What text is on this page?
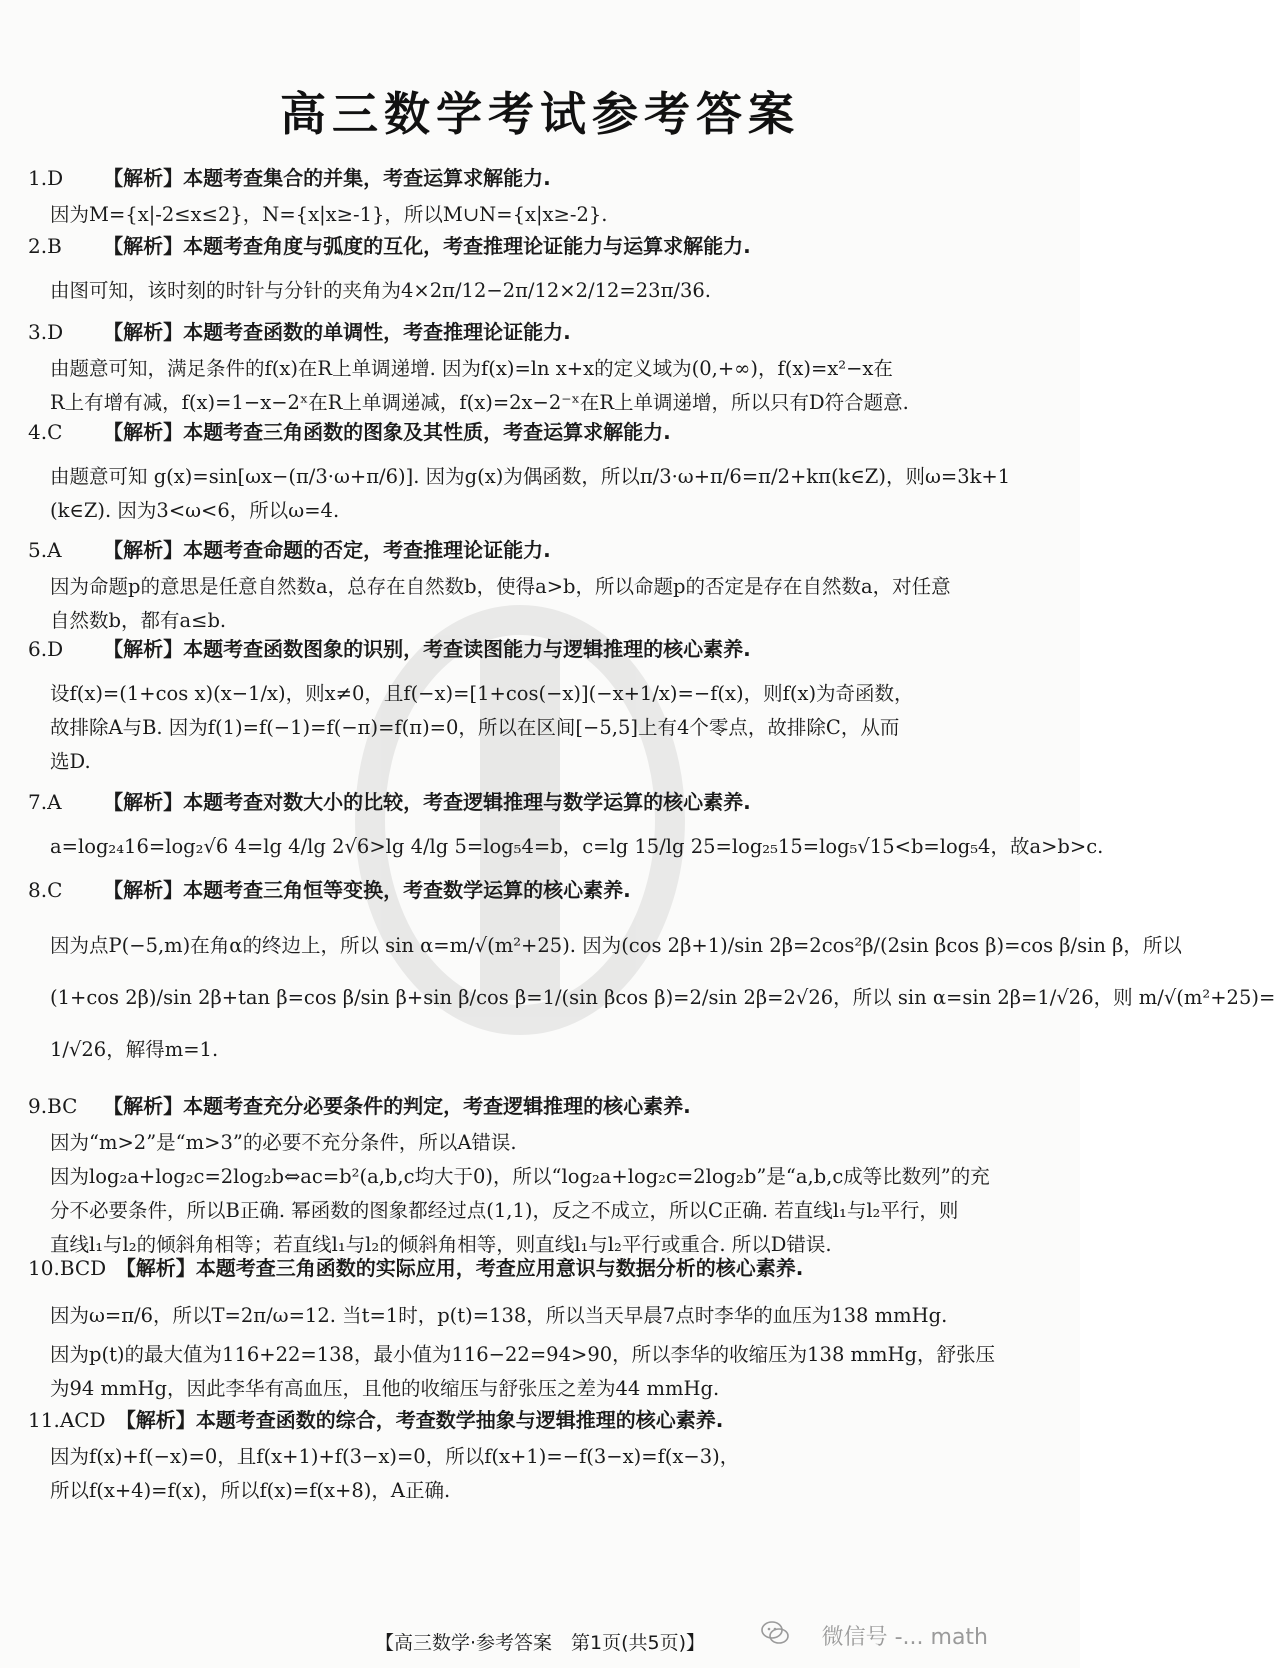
高三数学考试参考答案
1.D 【解析】本题考查集合的并集，考查运算求解能力.
因为M={x|-2≤x≤2}，N={x|x≥-1}，所以M∪N={x|x≥-2}.
2.B 【解析】本题考查角度与弧度的互化，考查推理论证能力与运算求解能力.
由图可知，该时刻的时针与分针的夹角为4×2π/12−2π/12×2/12=23π/36.
3.D 【解析】本题考查函数的单调性，考查推理论证能力.
由题意可知，满足条件的f(x)在R上单调递增. 因为f(x)=ln x+x的定义域为(0,+∞)，f(x)=x²−x在
R上有增有减，f(x)=1−x−2ˣ在R上单调递减，f(x)=2x−2⁻ˣ在R上单调递增，所以只有D符合题意.
4.C 【解析】本题考查三角函数的图象及其性质，考查运算求解能力.
由题意可知 g(x)=sin[ωx−(π/3·ω+π/6)]. 因为g(x)为偶函数，所以π/3·ω+π/6=π/2+kπ(k∈Z)，则ω=3k+1
(k∈Z). 因为3<ω<6，所以ω=4.
5.A 【解析】本题考查命题的否定，考查推理论证能力.
因为命题p的意思是任意自然数a，总存在自然数b，使得a>b，所以命题p的否定是存在自然数a，对任意
自然数b，都有a≤b.
6.D 【解析】本题考查函数图象的识别，考查读图能力与逻辑推理的核心素养.
设f(x)=(1+cos x)(x−1/x)，则x≠0，且f(−x)=[1+cos(−x)](−x+1/x)=−f(x)，则f(x)为奇函数，
故排除A与B. 因为f(1)=f(−1)=f(−π)=f(π)=0，所以在区间[−5,5]上有4个零点，故排除C，从而
选D.
7.A 【解析】本题考查对数大小的比较，考查逻辑推理与数学运算的核心素养.
a=log₂₄16=log₂√6 4=lg 4/lg 2√6>lg 4/lg 5=log₅4=b，c=lg 15/lg 25=log₂₅15=log₅√15<b=log₅4，故a>b>c.
8.C 【解析】本题考查三角恒等变换，考查数学运算的核心素养.
因为点P(−5,m)在角α的终边上，所以 sin α=m/√(m²+25). 因为(cos 2β+1)/sin 2β=2cos²β/(2sin βcos β)=cos β/sin β，所以
(1+cos 2β)/sin 2β+tan β=cos β/sin β+sin β/cos β=1/(sin βcos β)=2/sin 2β=2√26，所以 sin α=sin 2β=1/√26，则 m/√(m²+25)=
1/√26，解得m=1.
9.BC 【解析】本题考查充分必要条件的判定，考查逻辑推理的核心素养.
因为“m>2”是“m>3”的必要不充分条件，所以A错误.
因为log₂a+log₂c=2log₂b⇔ac=b²(a,b,c均大于0)，所以“log₂a+log₂c=2log₂b”是“a,b,c成等比数列”的充
分不必要条件，所以B正确. 幂函数的图象都经过点(1,1)，反之不成立，所以C正确. 若直线l₁与l₂平行，则
直线l₁与l₂的倾斜角相等；若直线l₁与l₂的倾斜角相等，则直线l₁与l₂平行或重合. 所以D错误.
10.BCD 【解析】本题考查三角函数的实际应用，考查应用意识与数据分析的核心素养.
因为ω=π/6，所以T=2π/ω=12. 当t=1时，p(t)=138，所以当天早晨7点时李华的血压为138 mmHg.
因为p(t)的最大值为116+22=138，最小值为116−22=94>90，所以李华的收缩压为138 mmHg，舒张压
为94 mmHg，因此李华有高血压，且他的收缩压与舒张压之差为44 mmHg.
11.ACD 【解析】本题考查函数的综合，考查数学抽象与逻辑推理的核心素养.
因为f(x)+f(−x)=0，且f(x+1)+f(3−x)=0，所以f(x+1)=−f(3−x)=f(x−3)，
所以f(x+4)=f(x)，所以f(x)=f(x+8)，A正确.
【高三数学·参考答案　第1页(共5页)】	微信号 -... math
